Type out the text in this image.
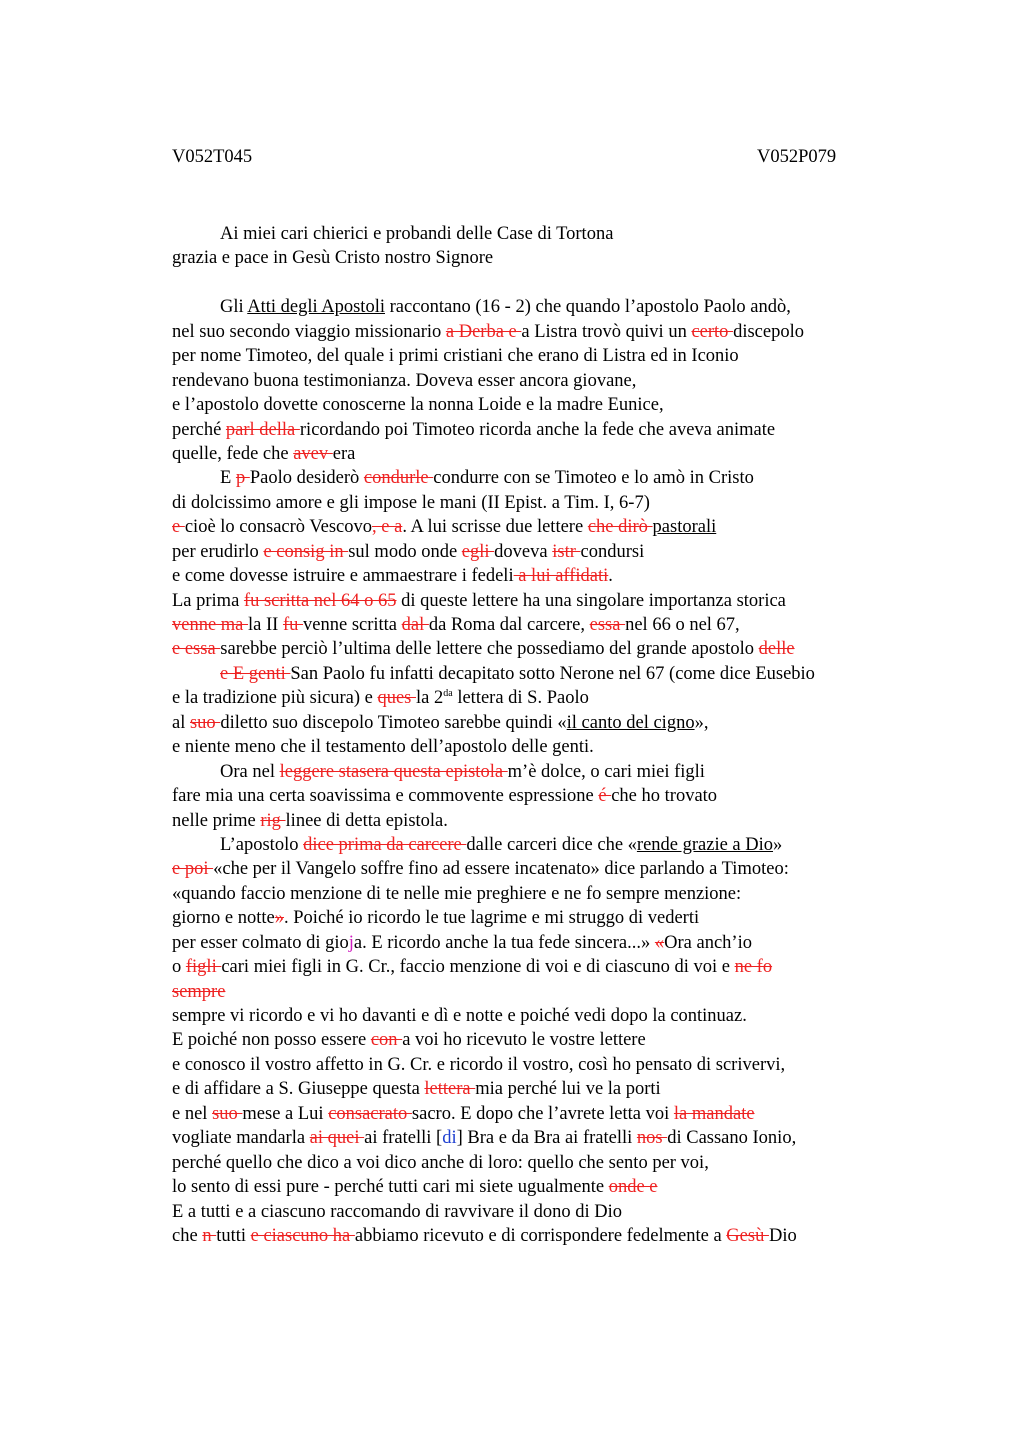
V052T045	V052P079
Ai miei cari chierici e probandi delle Case di Tortona
grazia e pace in Gesù Cristo nostro Signore
Gli Atti degli Apostoli raccontano (16 - 2) che quando l’apostolo Paolo andò,
nel suo secondo viaggio missionario a Derba e a Listra trovò quivi un certo discepolo
per nome Timoteo, del quale i primi cristiani che erano di Listra ed in Iconio
rendevano buona testimonianza. Doveva esser ancora giovane,
e l’apostolo dovette conoscerne la nonna Loide e la madre Eunice,
perché parl della ricordando poi Timoteo ricorda anche la fede che aveva animate
quelle, fede che avev era
E p Paolo desiderò condurle condurre con se Timoteo e lo amò in Cristo
di dolcissimo amore e gli impose le mani (II Epist. a Tim. I, 6-7)
e cioè lo consacrò Vescovo, e a. A lui scrisse due lettere che dirò pastorali
per erudirlo e consig in sul modo onde egli doveva istr condursi
e come dovesse istruire e ammaestrare i fedeli a lui affidati.
La prima fu scritta nel 64 o 65 di queste lettere ha una singolare importanza storica
venne ma la II fu venne scritta dal da Roma dal carcere, essa nel 66 o nel 67,
e essa sarebbe perciò l’ultima delle lettere che possediamo del grande apostolo delle
e E genti San Paolo fu infatti decapitato sotto Nerone nel 67 (come dice Eusebio
e la tradizione più sicura) e ques la $2^{da}$ lettera di S. Paolo
al suo diletto suo discepolo Timoteo sarebbe quindi «il canto del cigno»,
e niente meno che il testamento dell’apostolo delle genti.
Ora nel leggere stasera questa epistola m’è dolce, o cari miei figli
fare mia una certa soavissima e commovente espressione é che ho trovato
nelle prime rig linee di detta epistola.
L’apostolo dice prima da carcere dalle carceri dice che «rende grazie a Dio»
e poi «che per il Vangelo soffre fino ad essere incatenato» dice parlando a Timoteo:
«quando faccio menzione di te nelle mie preghiere e ne fo sempre menzione:
giorno e notte». Poiché io ricordo le tue lagrime e mi struggo di vederti
per esser colmato di gioja. E ricordo anche la tua fede sincera...» «Ora anch’io
o figli cari miei figli in G. Cr., faccio menzione di voi e di ciascuno di voi e ne fo
sempre
sempre vi ricordo e vi ho davanti e dì e notte e poiché vedi dopo la continuaz.
E poiché non posso essere con a voi ho ricevuto le vostre lettere
e conosco il vostro affetto in G. Cr. e ricordo il vostro, così ho pensato di scrivervi,
e di affidare a S. Giuseppe questa lettera mia perché lui ve la porti
e nel suo mese a Lui consacrato sacro. E dopo che l’avrete letta voi la mandate
vogliate mandarla ai quei ai fratelli [di] Bra e da Bra ai fratelli nos di Cassano Ionio,
perché quello che dico a voi dico anche di loro: quello che sento per voi,
lo sento di essi pure - perché tutti cari mi siete ugualmente onde e
E a tutti e a ciascuno raccomando di ravvivare il dono di Dio
che n tutti e ciascuno ha abbiamo ricevuto e di corrispondere fedelmente a Gesù Dio
